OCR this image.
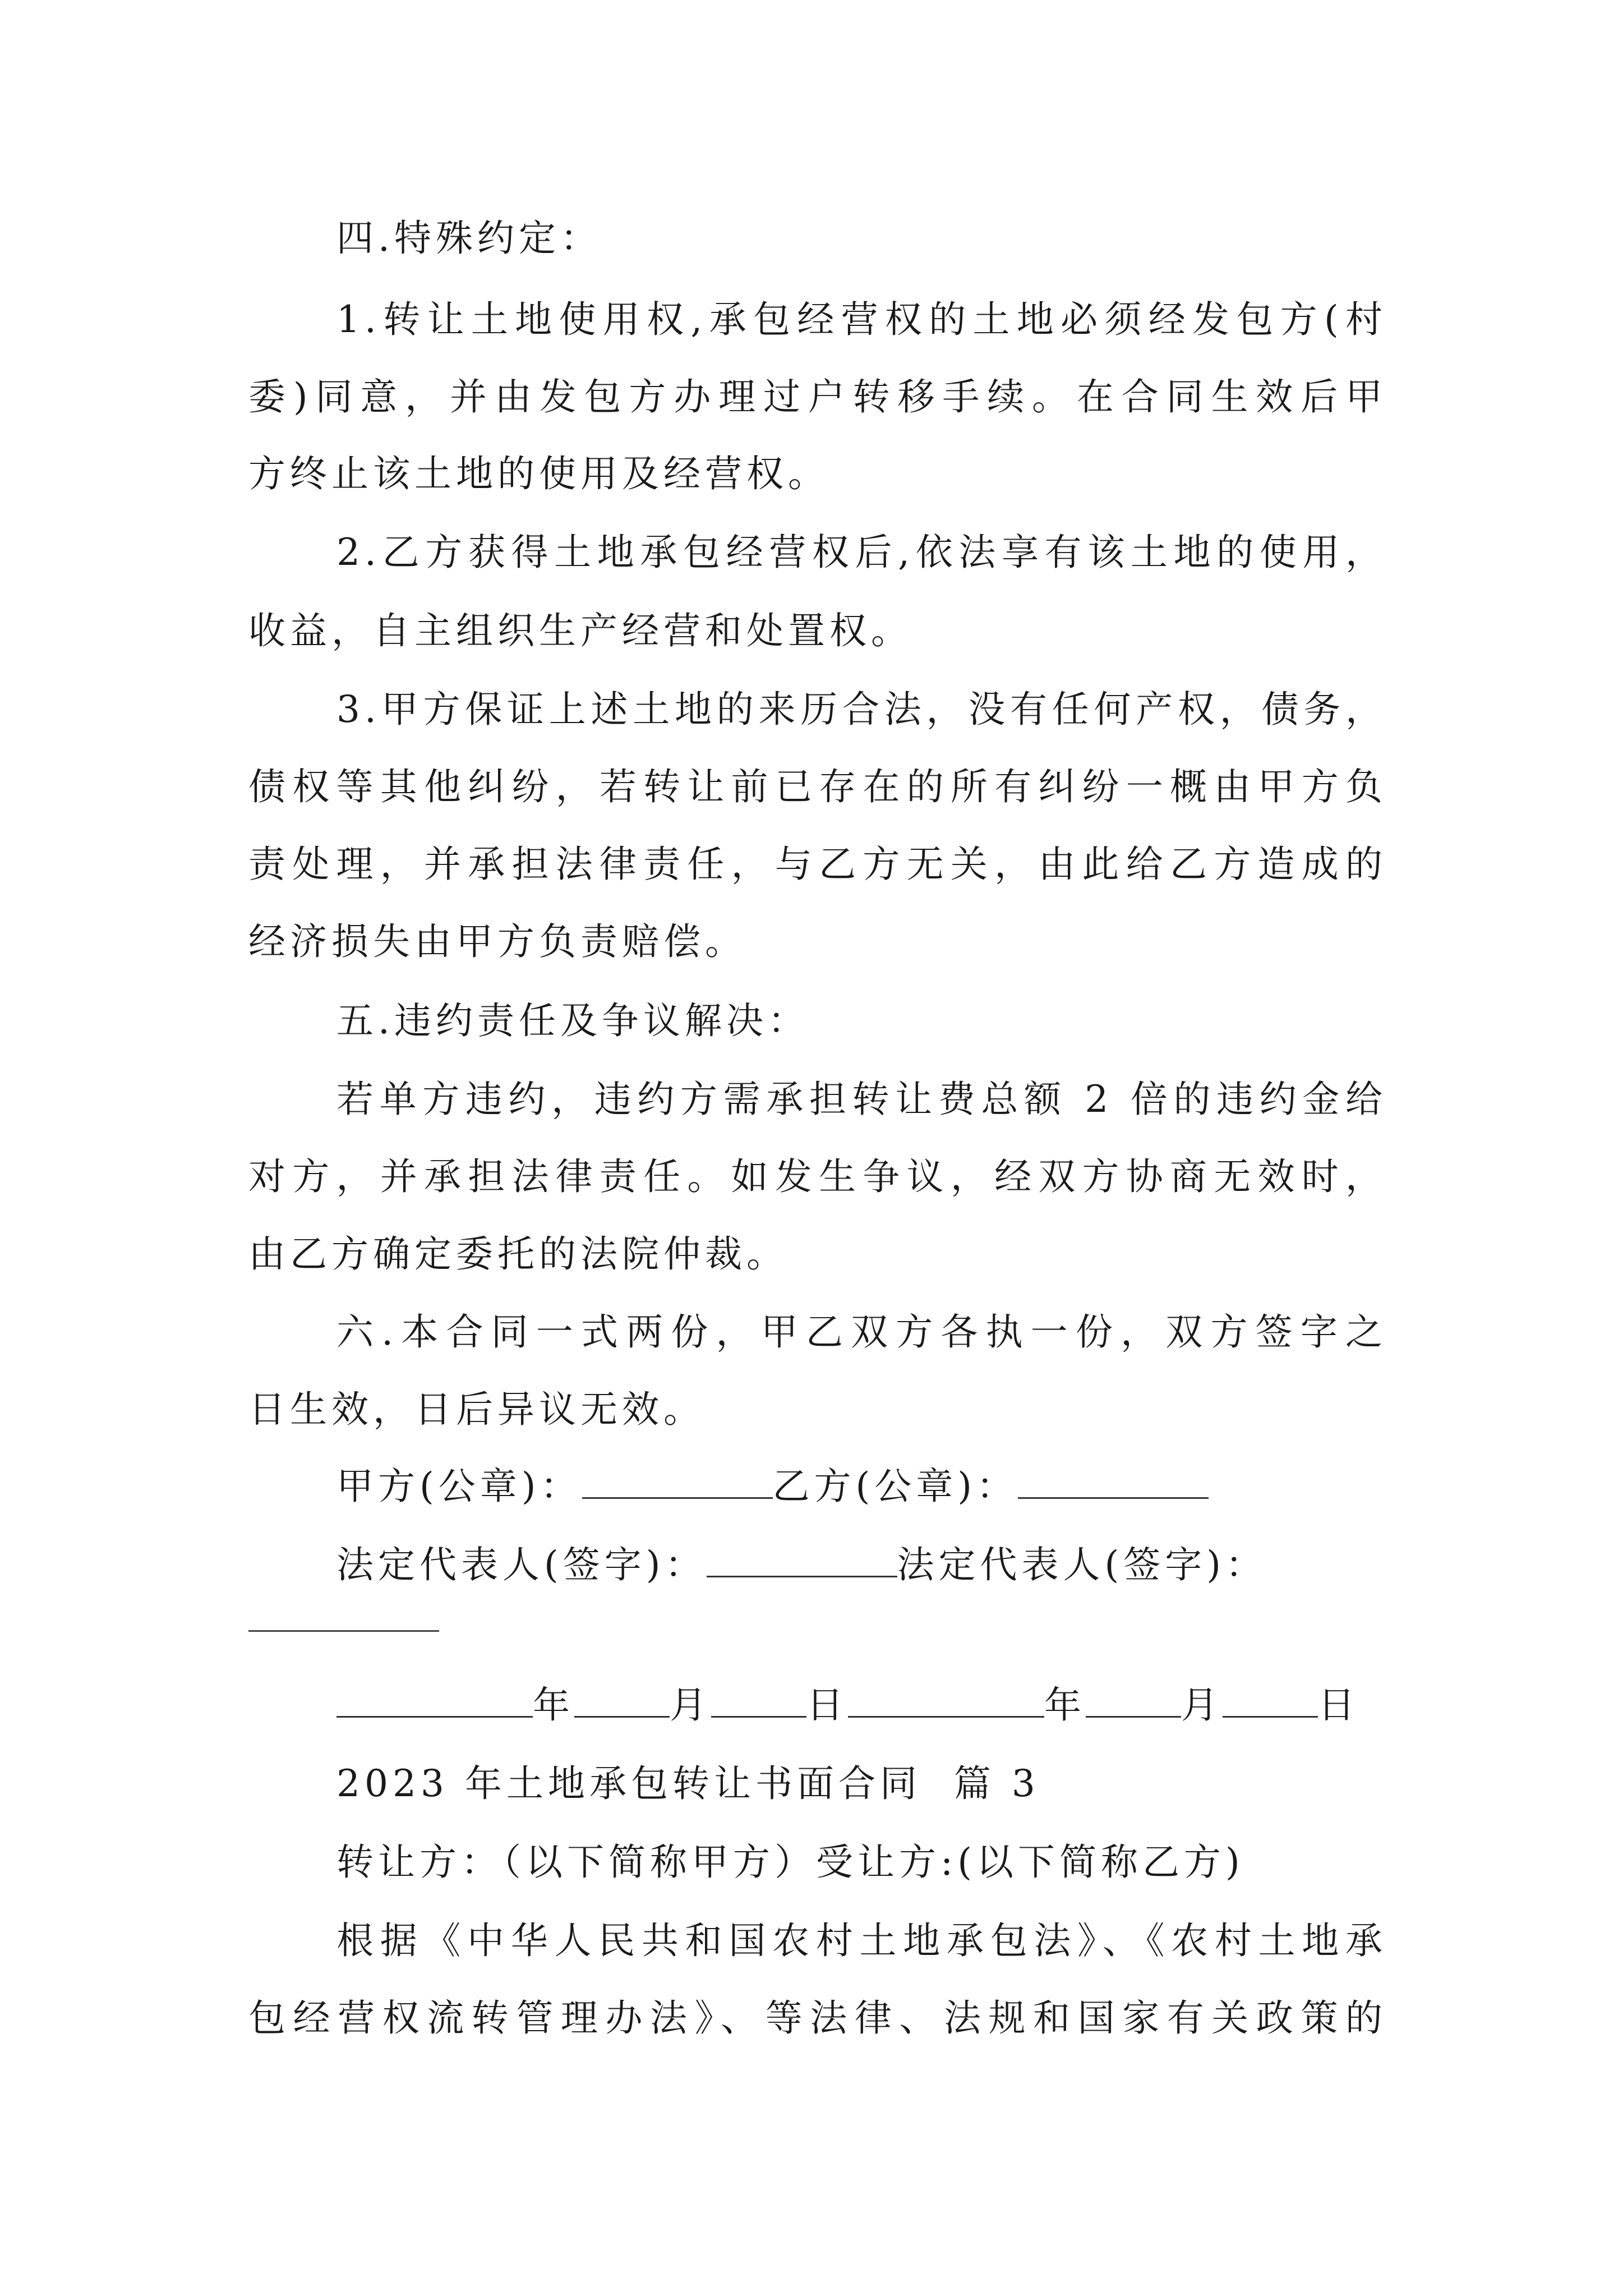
四.特殊约定：
1.转让土地使用权,承包经营权的土地必须经发包方(村
委)同意，并由发包方办理过户转移手续。在合同生效后甲
方终止该土地的使用及经营权。
2.乙方获得土地承包经营权后,依法享有该土地的使用，
收益，自主组织生产经营和处置权。
3.甲方保证上述土地的来历合法，没有任何产权，债务，
债权等其他纠纷，若转让前已存在的所有纠纷一概由甲方负
责处理，并承担法律责任，与乙方无关，由此给乙方造成的
经济损失由甲方负责赔偿。
五.违约责任及争议解决：
若单方违约，违约方需承担转让费总额 2 倍的违约金给
对方，并承担法律责任。如发生争议，经双方协商无效时，
由乙方确定委托的法院仲裁。
六.本合同一式两份，甲乙双方各执一份，双方签字之
日生效，日后异议无效。
甲方(公章)：	乙方(公章)：
法定代表人(签字)：	法定代表人(签字)：
年	月	日	年	月	日
2023 年土地承包转让书面合同  篇 3
转让方：（以下简称甲方）受让方:(以下简称乙方)
根据《中华人民共和国农村土地承包法》、《农村土地承
包经营权流转管理办法》、等法律、法规和国家有关政策的
